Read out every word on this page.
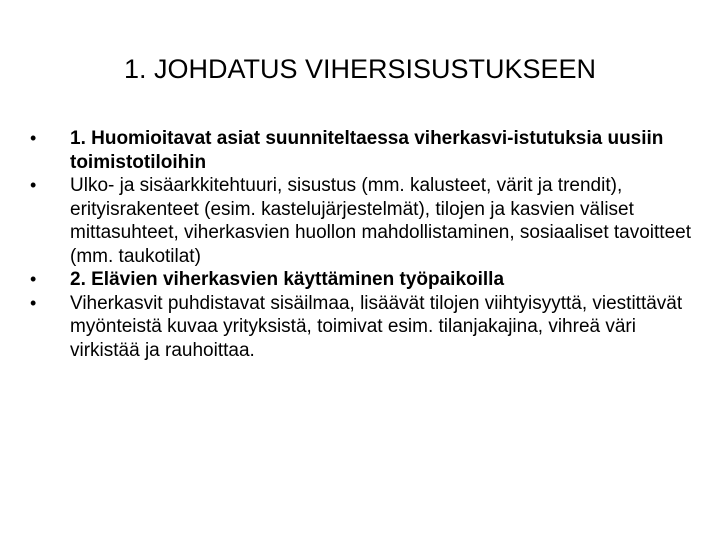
1. JOHDATUS VIHERSISUSTUKSEEN
•	1. Huomioitavat asiat suunniteltaessa viherkasvi-istutuksia uusiin toimistotiloihin
•	Ulko- ja sisäarkkitehtuuri, sisustus (mm. kalusteet, värit ja trendit), erityisrakenteet (esim. kastelujärjestelmät), tilojen ja kasvien väliset mittasuhteet, viherkasvien huollon mahdollistaminen, sosiaaliset tavoitteet (mm. taukotilat)
•	2. Elävien viherkasvien käyttäminen työpaikoilla
•	Viherkasvit puhdistavat sisäilmaa, lisäävät tilojen viihtyisyyttä, viestittävät myönteistä kuvaa yrityksistä, toimivat esim. tilanjakajina, vihreä väri virkistää ja rauhoittaa.
